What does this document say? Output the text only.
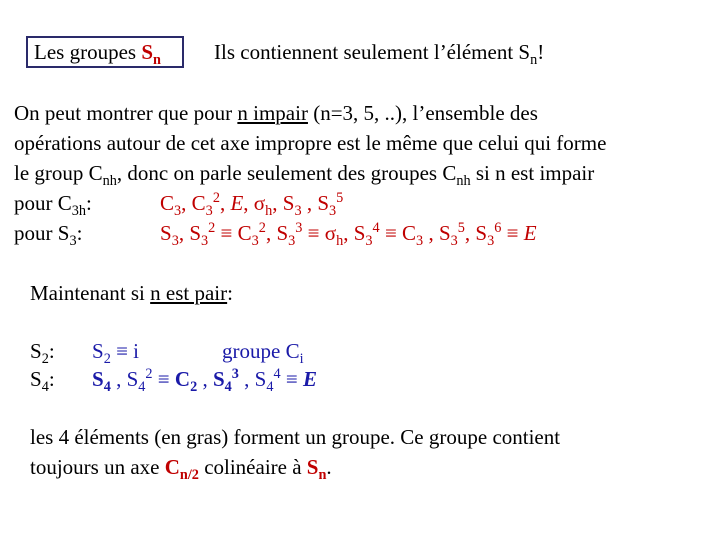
Les groupes $S_n$	Ils contiennent seulement l’élément $S_n$!
On peut montrer que pour n impair (n=3, 5, ..), l’ensemble des
opérations autour de cet axe impropre est le même que celui qui forme
le group $C_{nh}$, donc on parle seulement des groupes $C_{nh}$ si n est impair
pour $C_{3h}$:	$C_3$, $C_3^2$, E, $\sigma_h$, $S_3$ , $S_3^5$
pour $S_3$:	$S_3$, $S_3^2 \equiv C_3^2$, $S_3^3 \equiv \sigma_h$, $S_3^4 \equiv C_3$ , $S_3^5$, $S_3^6 \equiv E$
Maintenant si n est pair:
$S_2$: $S_2 \equiv i$	groupe $C_i$
$S_4$: $S_4$ , $S_4^2 \equiv C_2$ , $S_4^3$ , $S_4^4 \equiv E$
les 4 éléments (en gras) forment un groupe. Ce groupe contient
toujours un axe $C_{n/2}$ colinéaire à $S_n$.
